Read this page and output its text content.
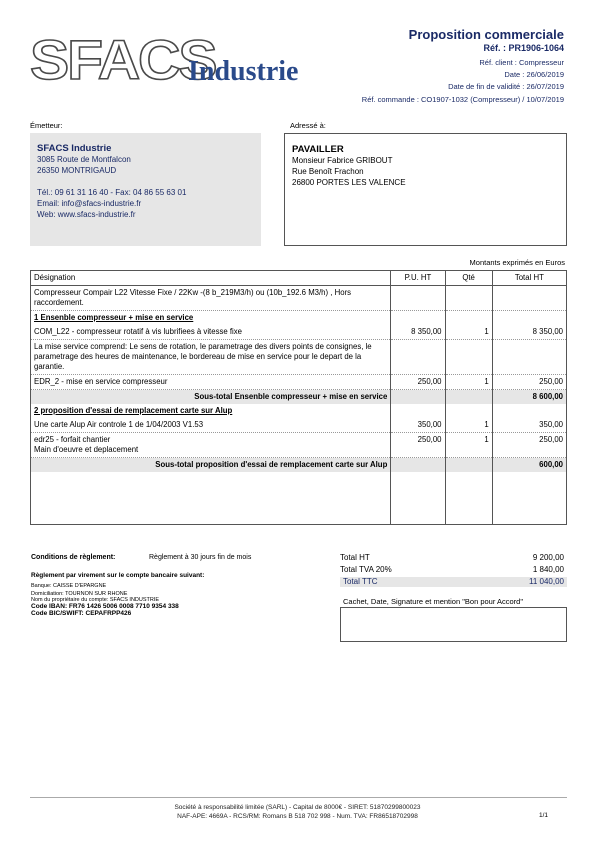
SFACS
Industrie
Proposition commerciale
Réf. : PR1906-1064
Réf. client : Compresseur
Date : 26/06/2019
Date de fin de validité : 26/07/2019
Réf. commande : CO1907-1032 (Compresseur) / 10/07/2019
Émetteur:	Adressé à:
SFACS Industrie
3085 Route de Montfalcon
26350 MONTRIGAUD
Tél.: 09 61 31 16 40 - Fax: 04 86 55 63 01
Email: info@sfacs-industrie.fr
Web: www.sfacs-industrie.fr
PAVAILLER
Monsieur Fabrice GRIBOUT
Rue Benoît Frachon
26800 PORTES LES VALENCE
Montants exprimés en Euros
Désignation	P.U. HT	Qté	Total HT
Compresseur Compair L22 Vitesse Fixe / 22Kw -(8 b_219M3/h) ou (10b_192.6 M3/h) , Hors raccordement.			
1 Ensenble compresseur + mise en service			
COM_L22 - compresseur rotatif à vis lubrifiees à vitesse fixe	8 350,00	1	8 350,00
La mise service comprend: Le sens de rotation, le parametrage des divers points de consignes, le parametrage des heures de maintenance, le bordereau de mise en service pour le depart de la garantie.			
EDR_2 - mise en service compresseur	250,00	1	250,00
Sous-total Ensenble compresseur + mise en service			8 600,00
2 proposition d'essai de remplacement carte sur Alup			
Une carte Alup Air controle 1 de 1/04/2003 V1.53	350,00	1	350,00
edr25 - forfait chantier
Main d'oeuvre et deplacement	250,00	1	250,00
Sous-total proposition d'essai de remplacement carte sur Alup			600,00

Conditions de règlement:	Règlement à 30 jours fin de mois
Règlement par virement sur le compte bancaire suivant:
Banque: CAISSE D'EPARGNE
Domiciliation: TOURNON SUR RHONE
Nom du propriétaire du compte: SFACS INDUSTRIE
Code IBAN: FR76 1426 5006 0008 7710 9354 338
Code BIC/SWIFT: CEPAFRPP426
Total HT	9 200,00
Total TVA 20%	1 840,00
Total TTC	11 040,00
Cachet, Date, Signature et mention "Bon pour Accord"
Société à responsabilité limitée (SARL) - Capital de 8000€ - SIRET: 51870299800023
NAF-APE: 4669A - RCS/RM: Romans B 518 702 998 - Num. TVA: FR86518702998	1/1
